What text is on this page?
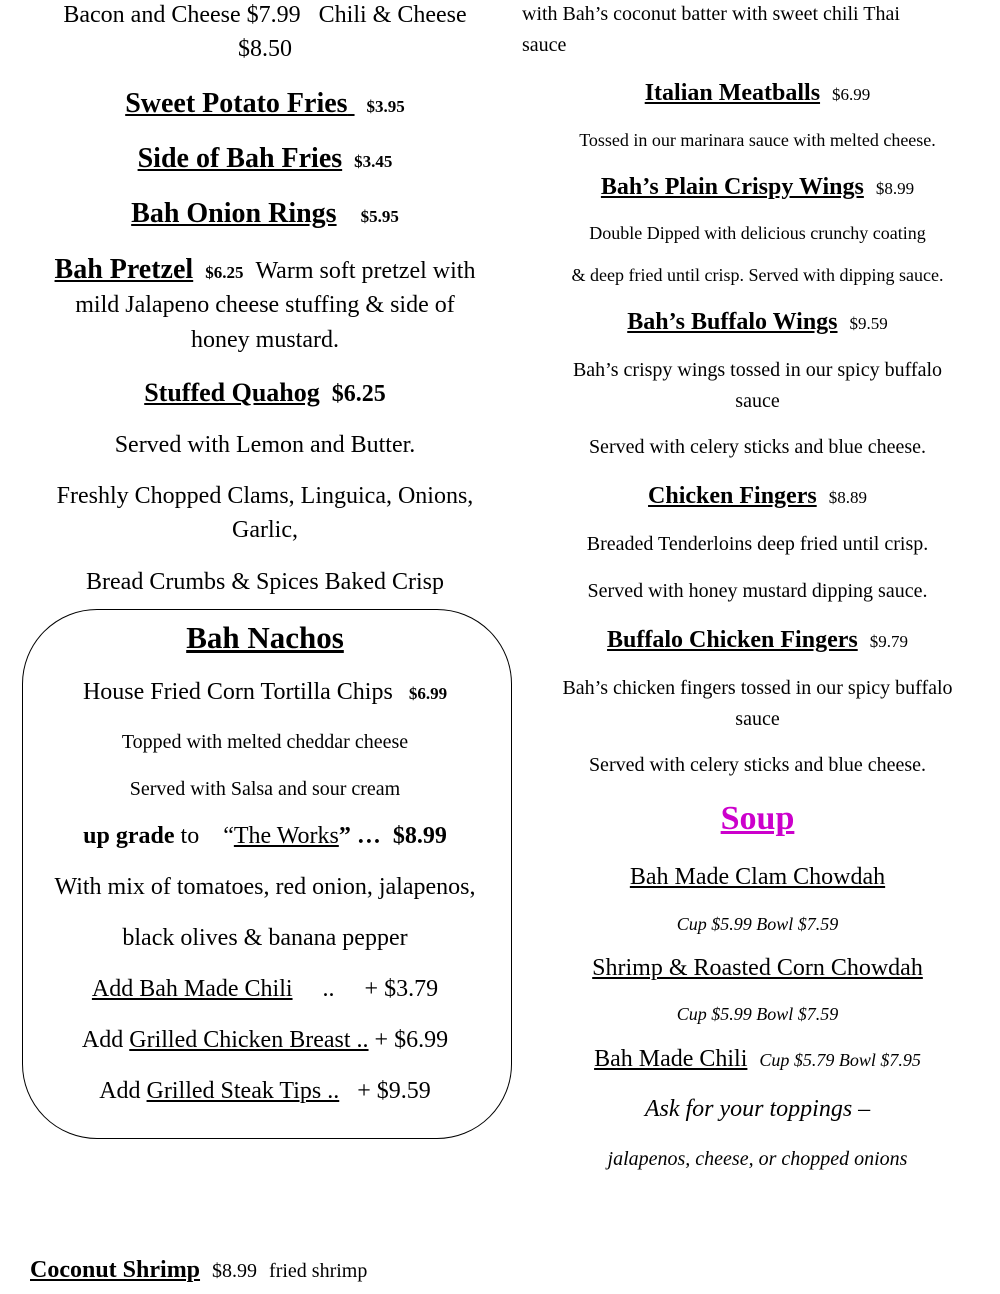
Bacon and Cheese $7.99 Chili & Cheese
$8.50
Sweet Potato Fries $3.95
Side of Bah Fries $3.45
Bah Onion Rings $5.95
Bah Pretzel $6.25 Warm soft pretzel with
mild Jalapeno cheese stuffing & side of
honey mustard.
Stuffed Quahog $6.25
Served with Lemon and Butter.
Freshly Chopped Clams, Linguica, Onions,
Garlic,
Bread Crumbs & Spices Baked Crisp
Bah Nachos
House Fried Corn Tortilla Chips $6.99
Topped with melted cheddar cheese
Served with Salsa and sour cream
up grade to “The Works” … $8.99
With mix of tomatoes, red onion, jalapenos,
black olives & banana pepper
Add Bah Made Chili .. + $3.79
Add Grilled Chicken Breast .. + $6.99
Add Grilled Steak Tips .. + $9.59
Coconut Shrimp $8.99 fried shrimp
with Bah’s coconut batter with sweet chili Thai
sauce
Italian Meatballs $6.99
Tossed in our marinara sauce with melted cheese.
Bah’s Plain Crispy Wings $8.99
Double Dipped with delicious crunchy coating
& deep fried until crisp. Served with dipping sauce.
Bah’s Buffalo Wings $9.59
Bah’s crispy wings tossed in our spicy buffalo
sauce
Served with celery sticks and blue cheese.
Chicken Fingers $8.89
Breaded Tenderloins deep fried until crisp.
Served with honey mustard dipping sauce.
Buffalo Chicken Fingers $9.79
Bah’s chicken fingers tossed in our spicy buffalo
sauce
Served with celery sticks and blue cheese.
Soup
Bah Made Clam Chowdah
Cup $5.99 Bowl $7.59
Shrimp & Roasted Corn Chowdah
Cup $5.99 Bowl $7.59
Bah Made Chili Cup $5.79 Bowl $7.95
Ask for your toppings –
jalapenos, cheese, or chopped onions
